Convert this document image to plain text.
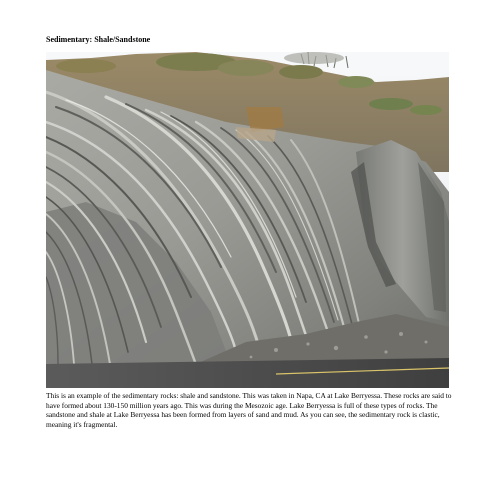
Sedimentary: Shale/Sandstone
This is an example of the sedimentary rocks: shale and sandstone. This was taken in Napa, CA at Lake Berryessa. These rocks are said to have formed about 130-150 million years ago. This was during the Mesozoic age. Lake Berryessa is full of these types of rocks. The sandstone and shale at Lake Berryessa has been formed from layers of sand and mud. As you can see, the sedimentary rock is clastic, meaning it's fragmental.
